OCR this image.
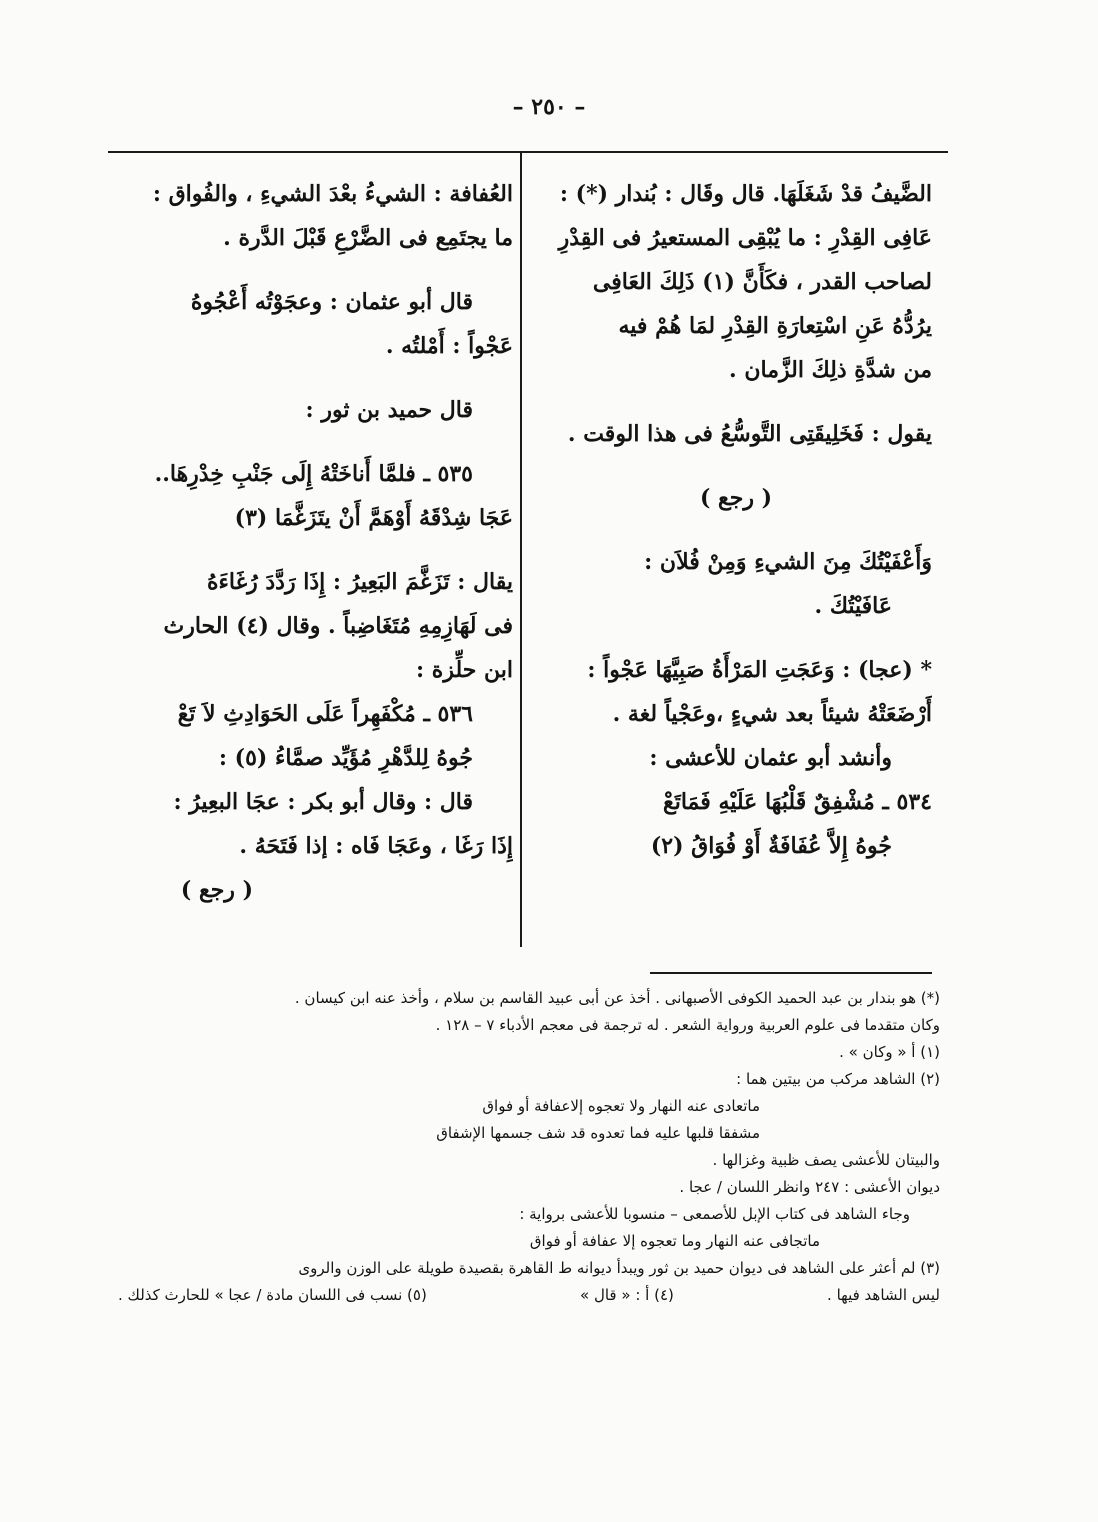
– ٢٥٠ –

الضَّيفُ قدْ شَغَلَهَا. قال وقَال : بُندار (*) :

عَافِى القِدْرِ : ما يُبْقِى المستعيرُ فى القِدْرِ

لصاحب القدر ، فكَأَنَّ (١) ذَلِكَ العَافِى

يرُدُّهُ عَنِ اسْتِعارَةِ القِدْرِ لمَا هُمْ فيه

من شدَّةِ ذلِكَ الزَّمان .

يقول : فَخَلِيقَتِى التَّوسُّعُ فى هذا الوقت .

( رجع )

وَأَعْفَيْتُكَ مِنَ الشيءِ وَمِنْ فُلاَن :

عَافَيْتُكَ .

* (عجا) : وَعَجَتِ المَرْأَةُ صَبِيَّهَا عَجْواً :

أَرْضَعَتْهُ شيئاً بعد شيءٍ ،وعَجْياً لغة .

وأنشد أبو عثمان للأعشى :

٥٣٤ ـ مُشْفِقٌ قَلْبُهَا عَلَيْهِ فَمَاتَعْ

جُوهُ إِلاَّ عُفَافَةٌ أَوْ فُوَاقُ (٢)

العُفافة : الشيءُ بعْدَ الشيءِ ، والفُواق :

ما يجتَمِع فى الضَّرْعِ قَبْلَ الدَّرة .

قال أبو عثمان : وعجَوْتُه أَعْجُوهُ

عَجْواً : أَمْلتُه .

قال حميد بن ثور :

٥٣٥ ـ فلمَّا أَناخَتْهُ إِلَى جَنْبِ خِدْرِهَا..

عَجَا شِدْقَهُ أَوْهَمَّ أَنْ يتَزَغَّمَا (٣)

يقال : تَزَغَّمَ البَعِيرُ : إِذَا رَدَّدَ رُغَاءَهُ

فى لَهَازِمِهِ مُتَغَاضِباً . وقال (٤) الحارث

ابن حلِّزة :

٥٣٦ ـ مُكْفَهِراً عَلَى الحَوَادِثِ لاَ تَعْ

جُوهُ لِلدَّهْرِ مُؤَيِّد صمَّاءُ (٥) :

قال : وقال أبو بكر : عجَا البعِيرُ :

إِذَا رَغَا ، وعَجَا فَاه : إذا فَتَحَهُ .

( رجع )

(*) هو بندار بن عبد الحميد الكوفى الأصبهانى . أخذ عن أبى عبيد القاسم بن سلام ، وأخذ عنه ابن كيسان .

وكان متقدما فى علوم العربية ورواية الشعر . له ترجمة فى معجم الأدباء ٧ – ١٢٨ .

(١) أ « وكان » .

(٢) الشاهد مركب من بيتين هما :

ماتعادى عنه النهار ولا تعجوه إلاعفافة أو فواق

مشفقا قلبها عليه فما تعدوه قد شف جسمها الإشفاق

والبيتان للأعشى يصف ظبية وغزالها .

ديوان الأعشى : ٢٤٧ وانظر اللسان / عجا .

وجاء الشاهد فى كتاب الإبل للأصمعى – منسوبا للأعشى برواية :

ماتجافى عنه النهار وما تعجوه إلا عفافة أو فواق

(٣) لم أعثر على الشاهد فى ديوان حميد بن ثور ويبدأ ديوانه ط القاهرة بقصيدة طويلة على الوزن والروى

ليس الشاهد فيها .
(٤) أ : « قال »
(٥) نسب فى اللسان مادة / عجا » للحارث كذلك .
